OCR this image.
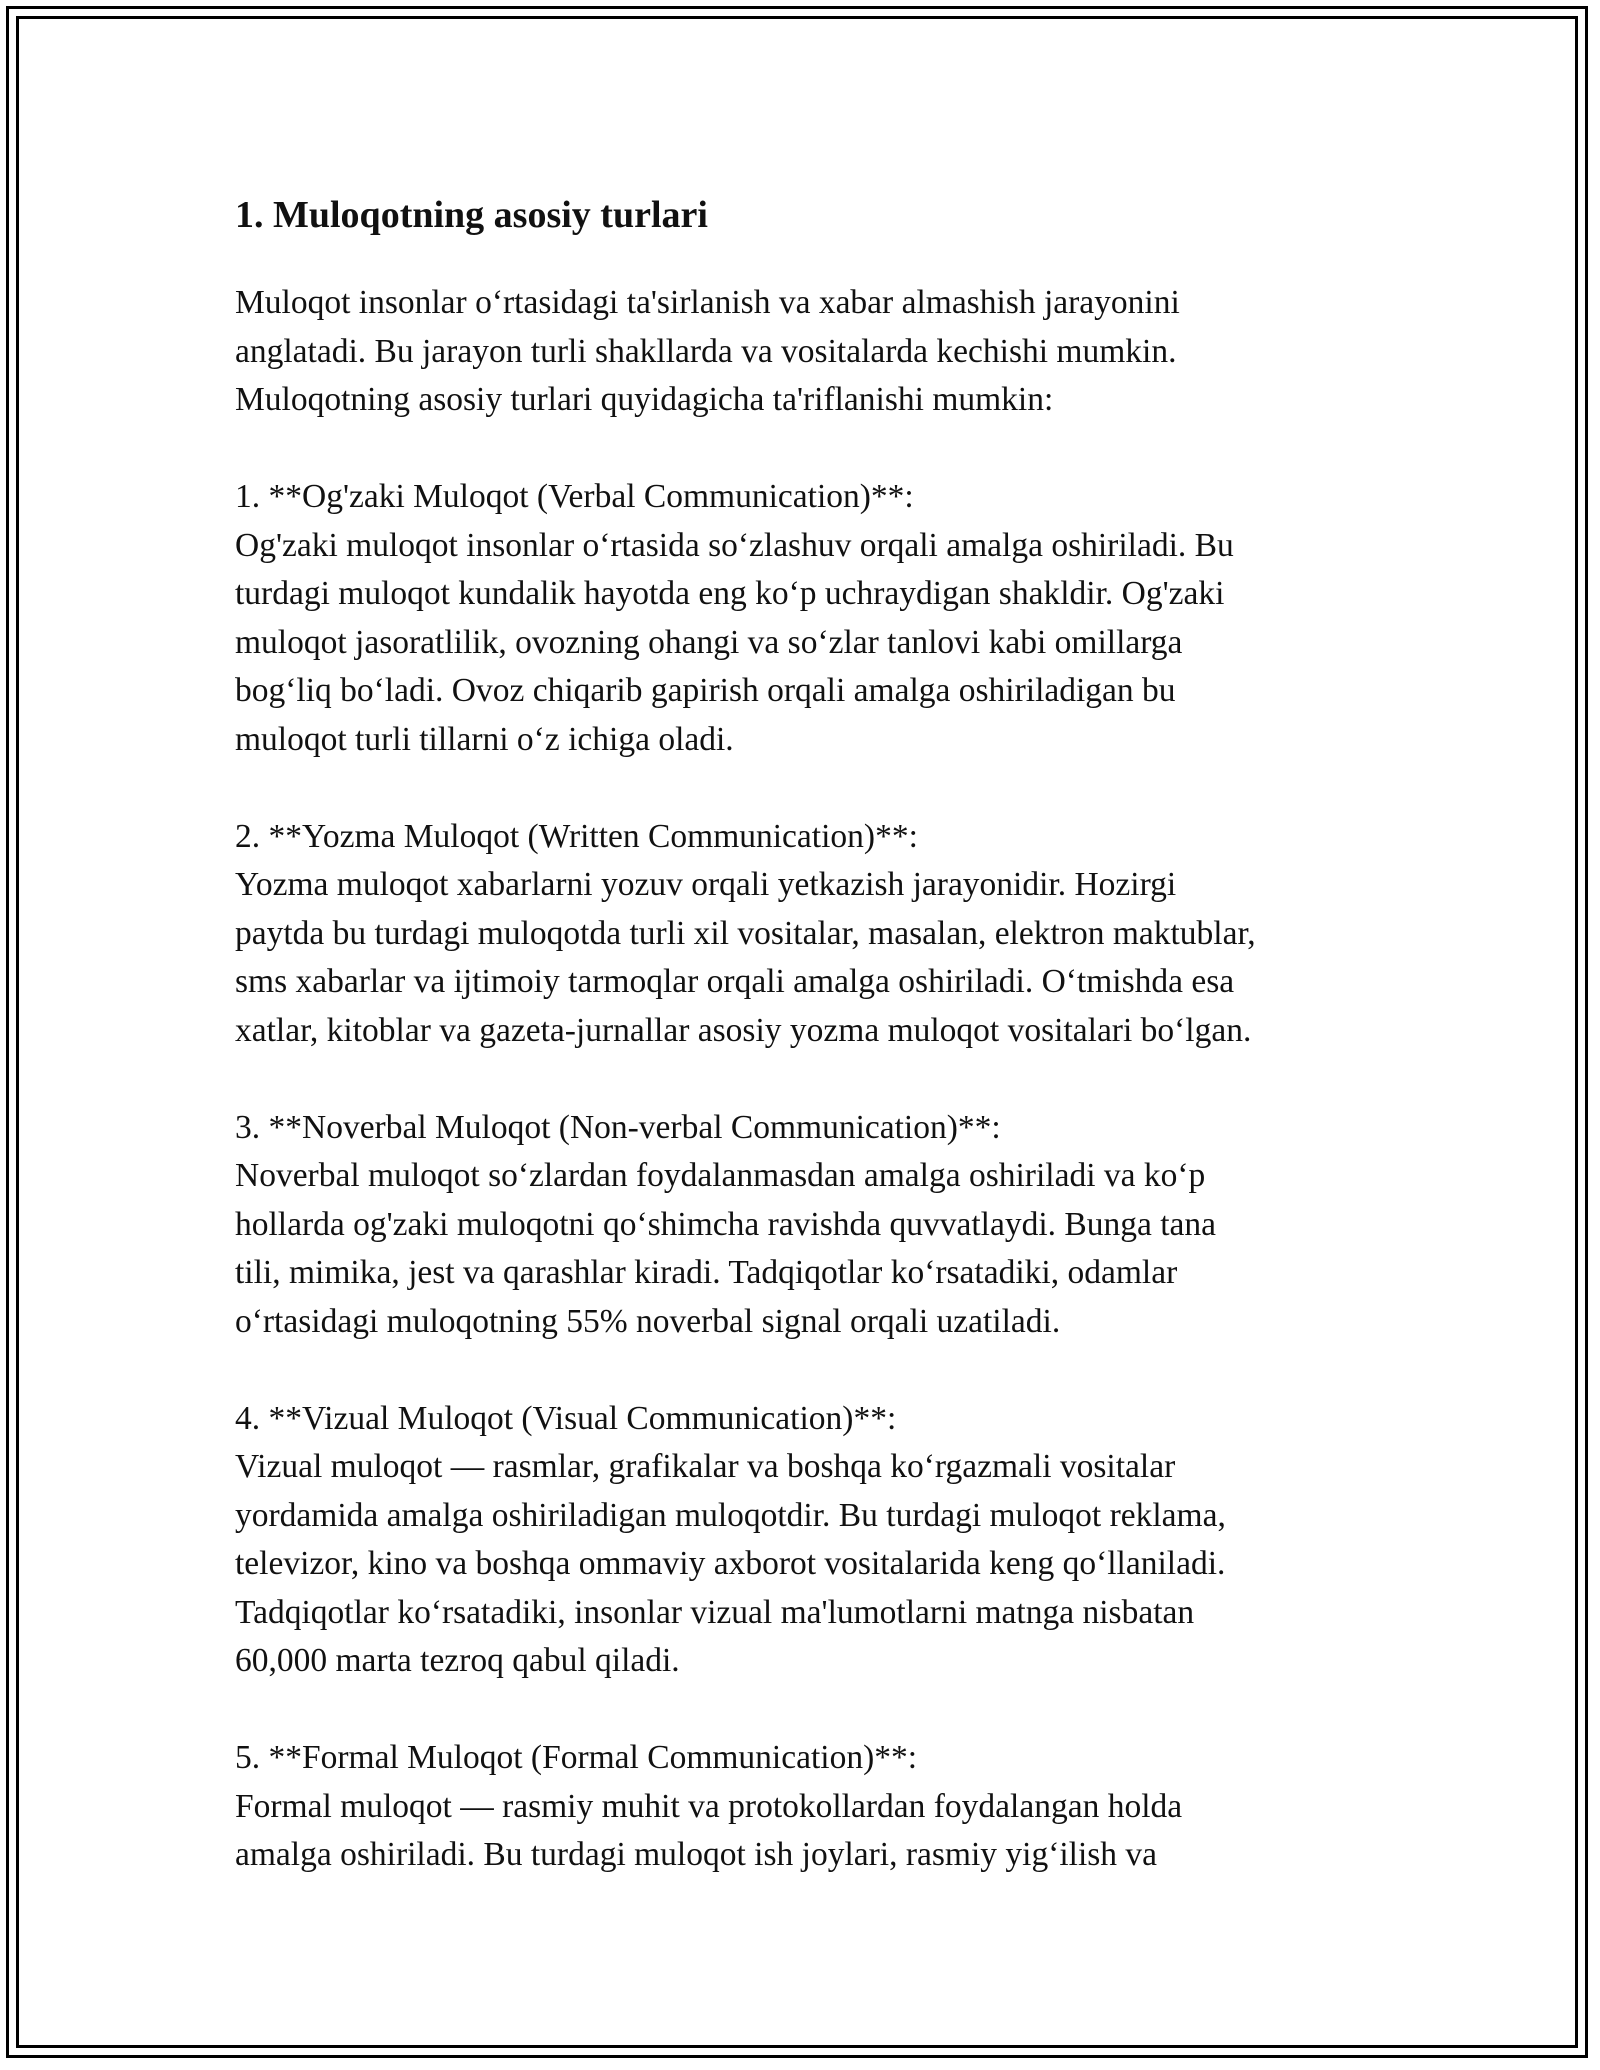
1. Muloqotning asosiy turlari

Muloqot insonlar o‘rtasidagi ta'sirlanish va xabar almashish jarayonini
anglatadi. Bu jarayon turli shakllarda va vositalarda kechishi mumkin.
Muloqotning asosiy turlari quyidagicha ta'riflanishi mumkin:

1. **Og'zaki Muloqot (Verbal Communication)**:

Og'zaki muloqot insonlar o‘rtasida so‘zlashuv orqali amalga oshiriladi. Bu
turdagi muloqot kundalik hayotda eng ko‘p uchraydigan shakldir. Og'zaki
muloqot jasoratlilik, ovozning ohangi va so‘zlar tanlovi kabi omillarga
bog‘liq bo‘ladi. Ovoz chiqarib gapirish orqali amalga oshiriladigan bu
muloqot turli tillarni o‘z ichiga oladi.

2. **Yozma Muloqot (Written Communication)**:

Yozma muloqot xabarlarni yozuv orqali yetkazish jarayonidir. Hozirgi
paytda bu turdagi muloqotda turli xil vositalar, masalan, elektron maktublar,
sms xabarlar va ijtimoiy tarmoqlar orqali amalga oshiriladi. O‘tmishda esa
xatlar, kitoblar va gazeta-jurnallar asosiy yozma muloqot vositalari bo‘lgan.

3. **Noverbal Muloqot (Non-verbal Communication)**:

Noverbal muloqot so‘zlardan foydalanmasdan amalga oshiriladi va ko‘p
hollarda og'zaki muloqotni qo‘shimcha ravishda quvvatlaydi. Bunga tana
tili, mimika, jest va qarashlar kiradi. Tadqiqotlar ko‘rsatadiki, odamlar
o‘rtasidagi muloqotning 55% noverbal signal orqali uzatiladi.

4. **Vizual Muloqot (Visual Communication)**:

Vizual muloqot — rasmlar, grafikalar va boshqa ko‘rgazmali vositalar
yordamida amalga oshiriladigan muloqotdir. Bu turdagi muloqot reklama,
televizor, kino va boshqa ommaviy axborot vositalarida keng qo‘llaniladi.
Tadqiqotlar ko‘rsatadiki, insonlar vizual ma'lumotlarni matnga nisbatan
60,000 marta tezroq qabul qiladi.

5. **Formal Muloqot (Formal Communication)**:

Formal muloqot — rasmiy muhit va protokollardan foydalangan holda
amalga oshiriladi. Bu turdagi muloqot ish joylari, rasmiy yig‘ilish va
